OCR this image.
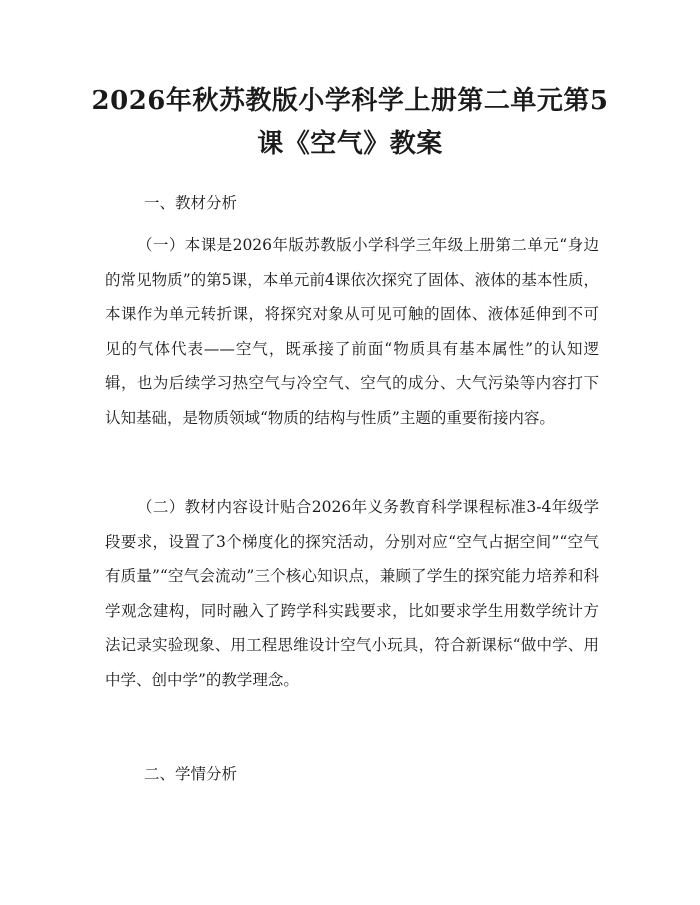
2026年秋苏教版小学科学上册第二单元第5
课《空气》教案

一、教材分析

（一）本课是2026年版苏教版小学科学三年级上册第二单元“身边的常见物质”的第5课，本单元前4课依次探究了固体、液体的基本性质，本课作为单元转折课，将探究对象从可见可触的固体、液体延伸到不可见的气体代表——空气，既承接了前面“物质具有基本属性”的认知逻辑，也为后续学习热空气与冷空气、空气的成分、大气污染等内容打下认知基础，是物质领域“物质的结构与性质”主题的重要衔接内容。

（二）教材内容设计贴合2026年义务教育科学课程标准3-4年级学段要求，设置了3个梯度化的探究活动，分别对应“空气占据空间”“空气有质量”“空气会流动”三个核心知识点，兼顾了学生的探究能力培养和科学观念建构，同时融入了跨学科实践要求，比如要求学生用数学统计方法记录实验现象、用工程思维设计空气小玩具，符合新课标“做中学、用中学、创中学”的教学理念。

二、学情分析
